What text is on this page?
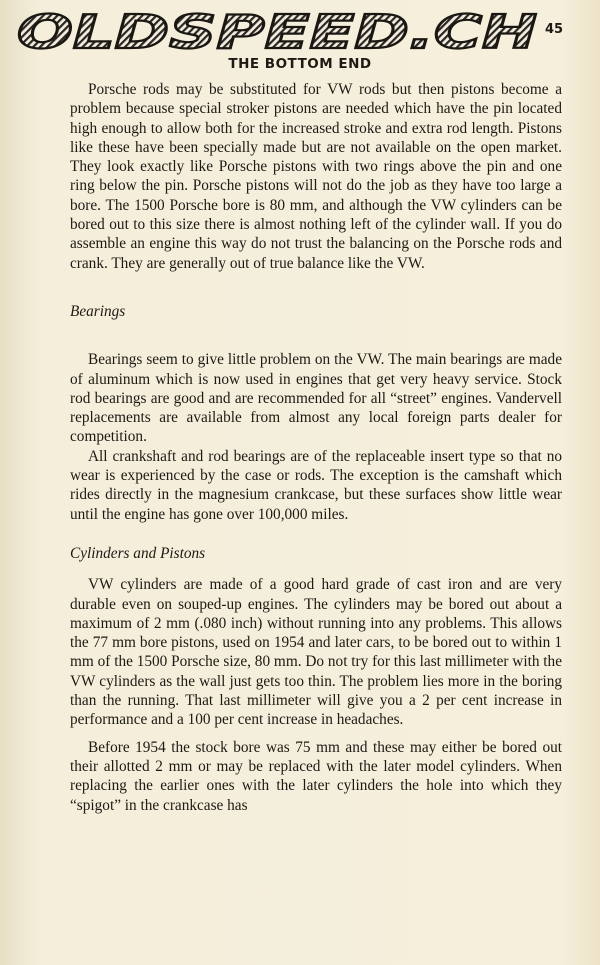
OLDSPEED.CH 45
THE BOTTOM END

Porsche rods may be substituted for VW rods but then pistons become a problem because special stroker pistons are needed which have the pin located high enough to allow both for the increased stroke and extra rod length. Pistons like these have been specially made but are not available on the open market. They look exactly like Porsche pistons with two rings above the pin and one ring below the pin. Porsche pistons will not do the job as they have too large a bore. The 1500 Porsche bore is 80 mm, and although the VW cylinders can be bored out to this size there is almost nothing left of the cylinder wall. If you do assemble an engine this way do not trust the balancing on the Porsche rods and crank. They are generally out of true balance like the VW.

Bearings

Bearings seem to give little problem on the VW. The main bearings are made of aluminum which is now used in engines that get very heavy service. Stock rod bearings are good and are recommended for all “street” engines. Vandervell replacements are available from almost any local foreign parts dealer for competition.

All crankshaft and rod bearings are of the replaceable insert type so that no wear is experienced by the case or rods. The exception is the camshaft which rides directly in the magnesium crankcase, but these surfaces show little wear until the engine has gone over 100,000 miles.

Cylinders and Pistons

VW cylinders are made of a good hard grade of cast iron and are very durable even on souped-up engines. The cylinders may be bored out about a maximum of 2 mm (.080 inch) without running into any problems. This allows the 77 mm bore pistons, used on 1954 and later cars, to be bored out to within 1 mm of the 1500 Porsche size, 80 mm. Do not try for this last millimeter with the VW cylinders as the wall just gets too thin. The problem lies more in the boring than the running. That last millimeter will give you a 2 per cent increase in performance and a 100 per cent increase in headaches.

Before 1954 the stock bore was 75 mm and these may either be bored out their allotted 2 mm or may be replaced with the later model cylinders. When replacing the earlier ones with the later cylinders the hole into which they “spigot” in the crankcase has
